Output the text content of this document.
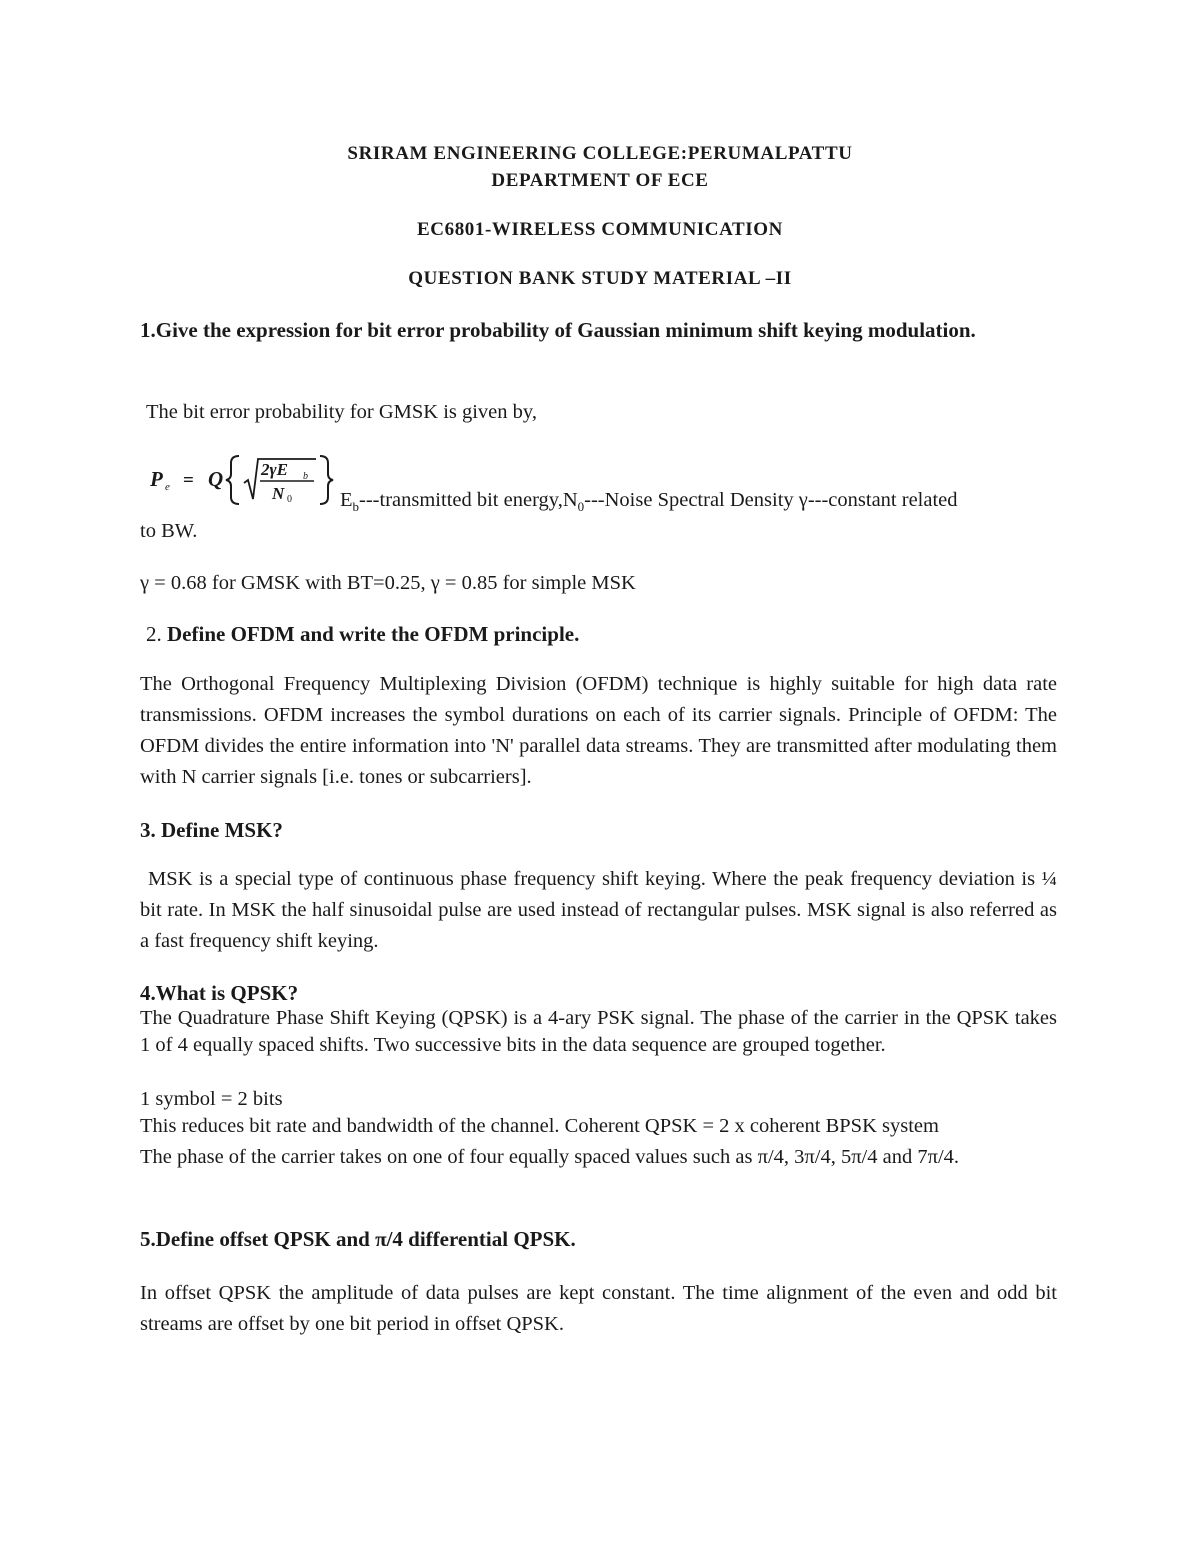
SRIRAM ENGINEERING COLLEGE:PERUMALPATTU
DEPARTMENT OF ECE
EC6801-WIRELESS COMMUNICATION
QUESTION BANK STUDY MATERIAL –II
1.Give the expression for bit error probability of Gaussian minimum shift keying modulation.
The bit error probability for GMSK is given by,
P e = Q 2γE b
N 0 $E_b--$-transmitted bit $energy,N_0--$-Noise Spectral Density γ---constant related
to BW.
γ = 0.68 for GMSK with BT=0.25, γ = 0.85 for simple MSK
2. Define OFDM and write the OFDM principle.
The Orthogonal Frequency Multiplexing Division (OFDM) technique is highly suitable for high data rate transmissions. OFDM increases the symbol durations on each of its carrier signals. Principle of OFDM: The OFDM divides the entire information into 'N' parallel data streams. They are transmitted after modulating them with N carrier signals [i.e. tones or subcarriers].
3. Define MSK?
MSK is a special type of continuous phase frequency shift keying. Where the peak frequency deviation is ¼ bit rate. In MSK the half sinusoidal pulse are used instead of rectangular pulses. MSK signal is also referred as a fast frequency shift keying.
4.What is QPSK?
The Quadrature Phase Shift Keying (QPSK) is a 4-ary PSK signal. The phase of the carrier in the QPSK takes 1 of 4 equally spaced shifts. Two successive bits in the data sequence are grouped together.
1 symbol = 2 bits
This reduces bit rate and bandwidth of the channel. Coherent QPSK = 2 x coherent BPSK system
The phase of the carrier takes on one of four equally spaced values such as π/4, 3π/4, 5π/4 and 7π/4.
5.Define offset QPSK and π/4 differential QPSK.
In offset QPSK the amplitude of data pulses are kept constant. The time alignment of the even and odd bit streams are offset by one bit period in offset QPSK.
